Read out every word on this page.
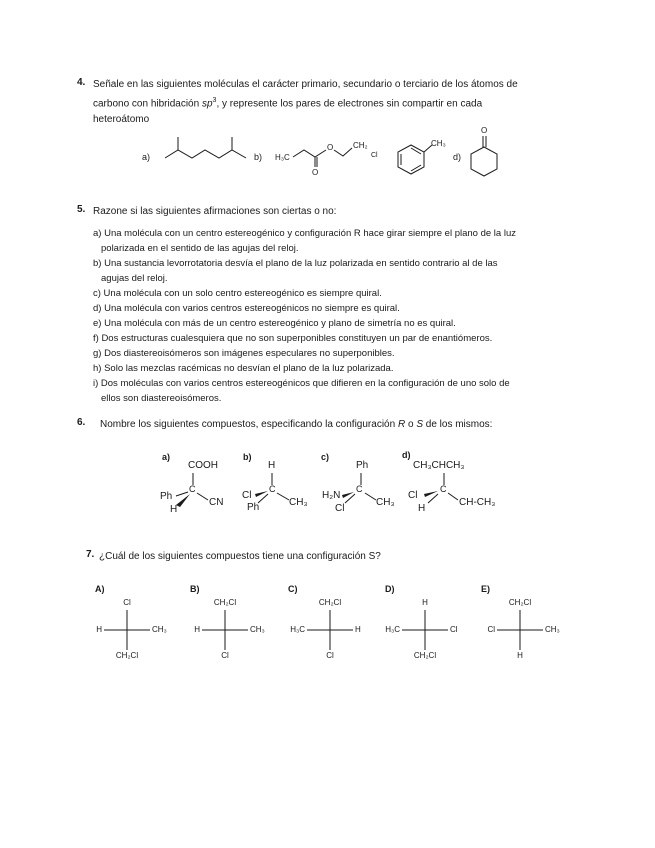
4. Señale en las siguientes moléculas el carácter primario, secundario o terciario de los átomos de
carbono con hibridación $sp^3$, y represente los pares de electrones sin compartir en cada
heteroátomo
a)	b) H₃C
O
O
CH₂
Cl
CH₃
d)
O
5. Razone si las siguientes afirmaciones son ciertas o no:
a) Una molécula con un centro estereogénico y configuración R hace girar siempre el plano de la luz
polarizada en el sentido de las agujas del reloj.
b) Una sustancia levorrotatoria desvía el plano de la luz polarizada en sentido contrario al de las
agujas del reloj.
c) Una molécula con un solo centro estereogénico es siempre quiral.
d) Una molécula con varios centros estereogénicos no siempre es quiral.
e) Una molécula con más de un centro estereogénico y plano de simetría no es quiral.
f) Dos estructuras cualesquiera que no son superponibles constituyen un par de enantiómeros.
g) Dos diastereoisómeros son imágenes especulares no superponibles.
h) Solo las mezclas racémicas no desvían el plano de la luz polarizada.
i) Dos moléculas con varios centros estereogénicos que difieren en la configuración de uno solo de
ellos son diastereoisómeros.
6. Nombre los siguientes compuestos, especificando la configuración R o S de los mismos:
a)
COOH
C
Ph
CN
H
b)
H
C
Cl
CH₃
Ph
c)
Ph
C
H₂N
CH₃
Cl
d)
CH₃CHCH₃
C
Cl
CH-CH₃
H
7. ¿Cuál de los siguientes compuestos tiene una configuración S?
A)
Cl
CH₂Cl
H	CH₃
B)
CH₂Cl
Cl
H	CH₃
C)
CH₂Cl
Cl
H₃C	H
D)
H
CH₂Cl
H₃C	Cl
E)
CH₂Cl
H
Cl	CH₃
